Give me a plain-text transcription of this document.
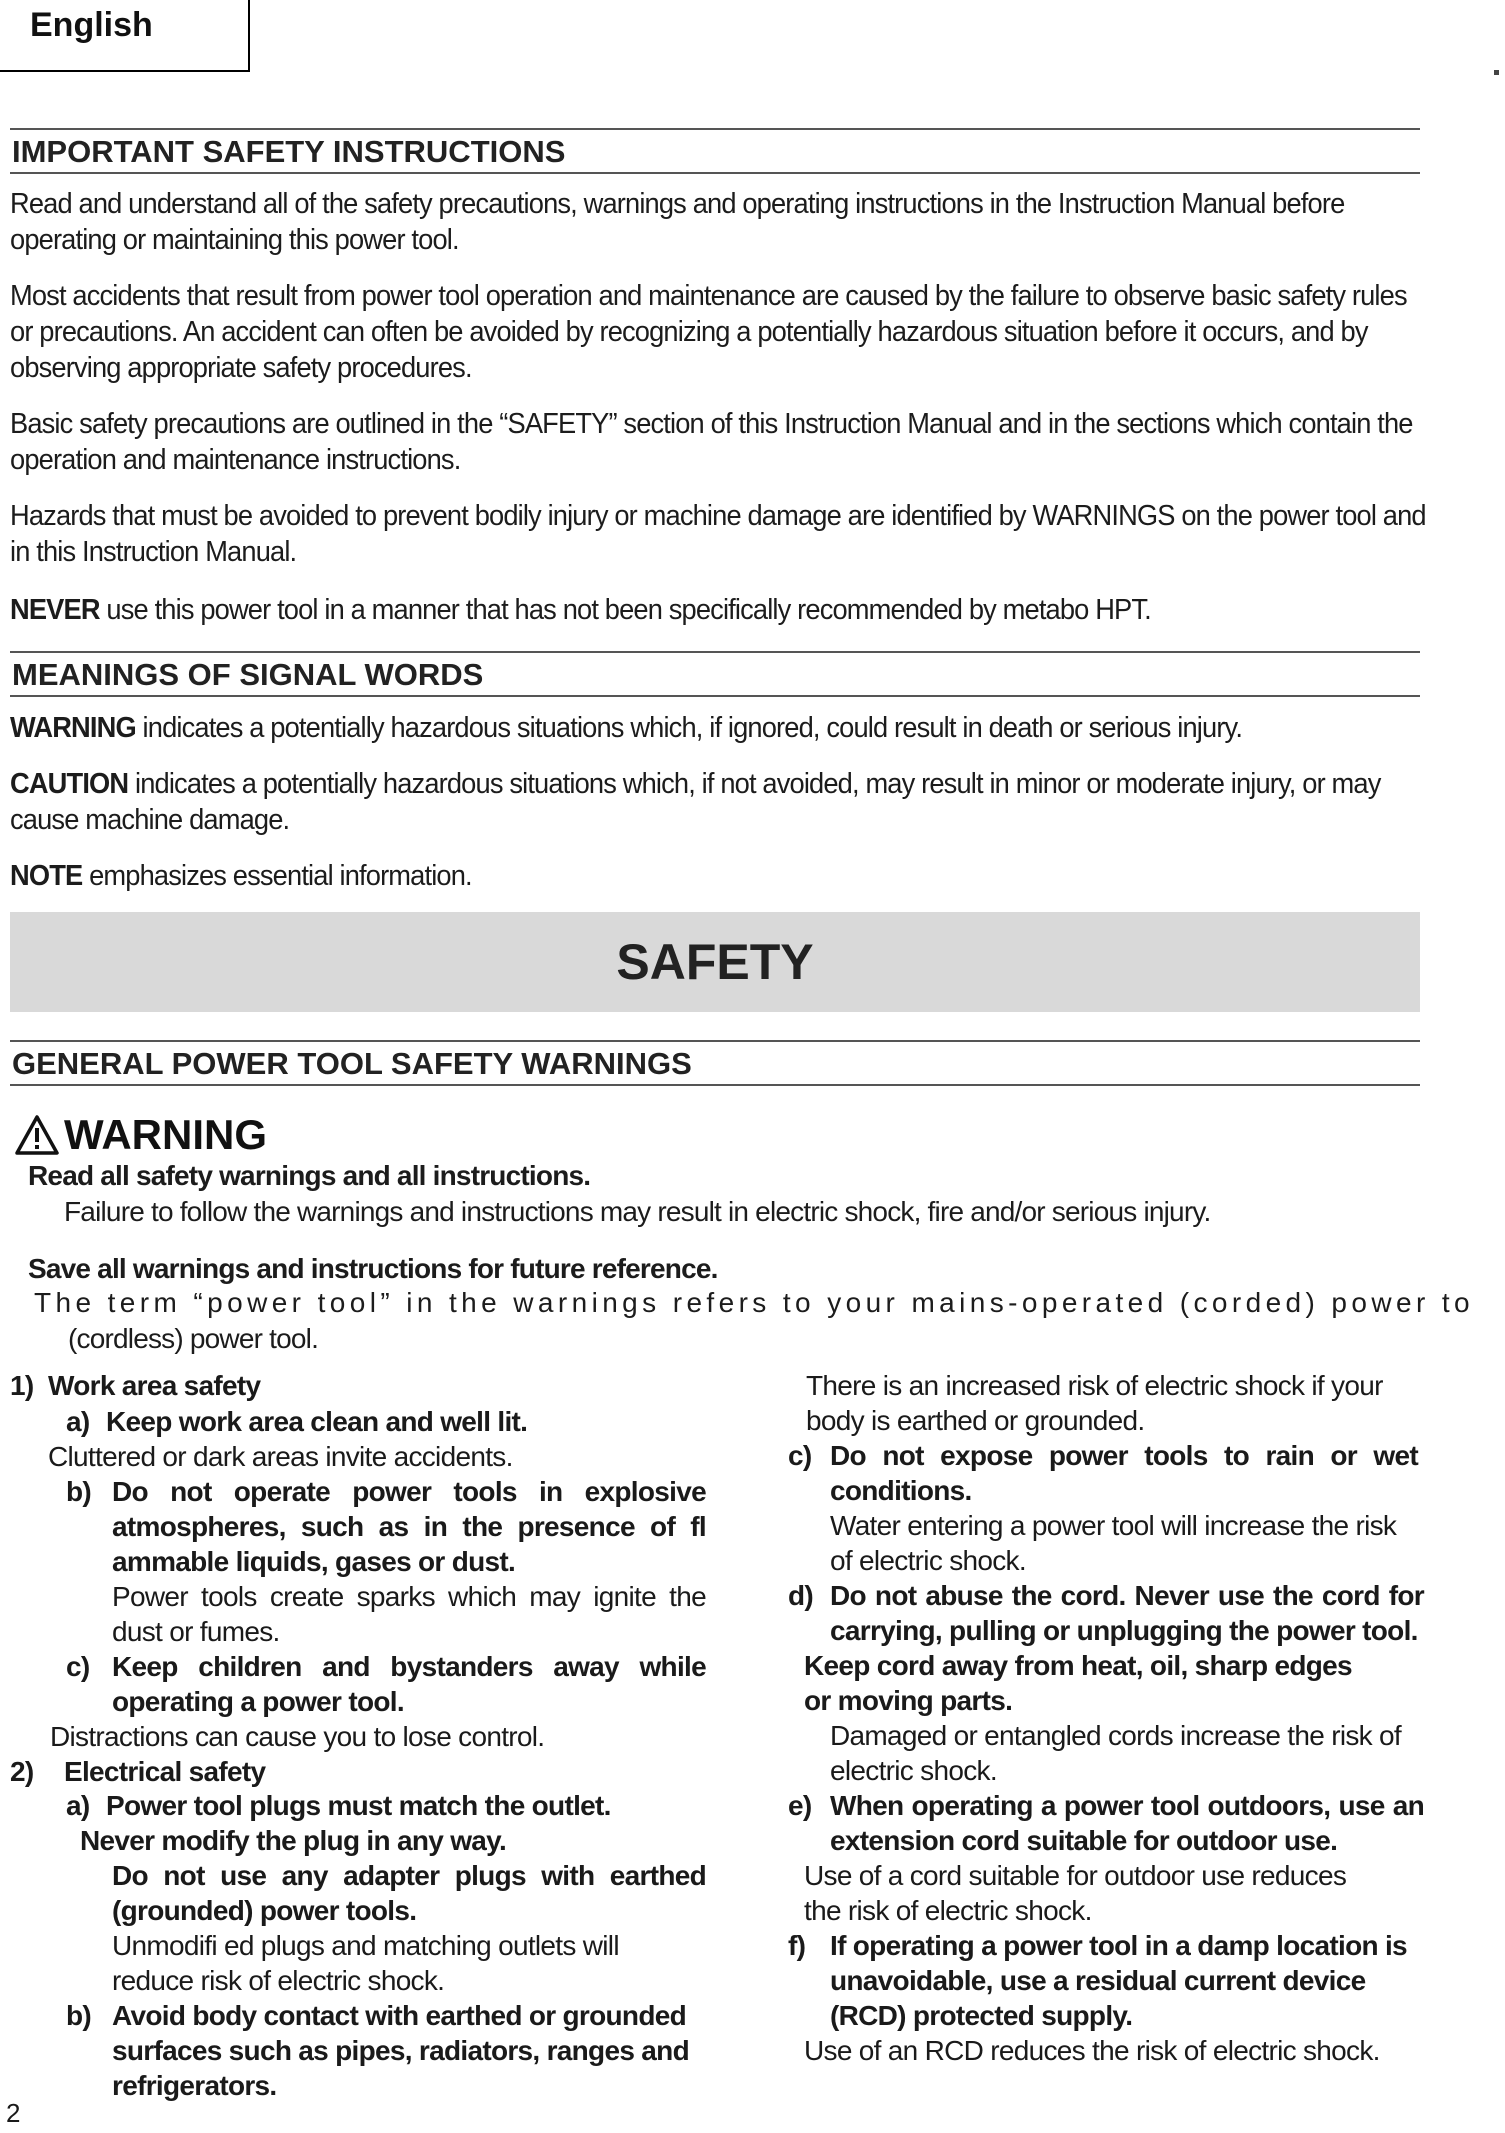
English
IMPORTANT SAFETY INSTRUCTIONS
Read and understand all of the safety precautions, warnings and operating instructions in the Instruction Manual before operating or maintaining this power tool.
Most accidents that result from power tool operation and maintenance are caused by the failure to observe basic safety rules or precautions. An accident can often be avoided by recognizing a potentially hazardous situation before it occurs, and by observing appropriate safety procedures.
Basic safety precautions are outlined in the “SAFETY” section of this Instruction Manual and in the sections which contain the operation and maintenance instructions.
Hazards that must be avoided to prevent bodily injury or machine damage are identified by WARNINGS on the power tool and in this Instruction Manual.
NEVER use this power tool in a manner that has not been specifically recommended by metabo HPT.
MEANINGS OF SIGNAL WORDS
WARNING indicates a potentially hazardous situations which, if ignored, could result in death or serious injury.
CAUTION indicates a potentially hazardous situations which, if not avoided, may result in minor or moderate injury, or may cause machine damage.
NOTE emphasizes essential information.
SAFETY
GENERAL POWER TOOL SAFETY WARNINGS
WARNING
Read all safety warnings and all instructions.
Failure to follow the warnings and instructions may result in electric shock, fire and/or serious injury.
Save all warnings and instructions for future reference.
The term “power tool” in the warnings refers to your mains-operated (corded) power to
(cordless) power tool.
1) Work area safety
a) Keep work area clean and well lit.
Cluttered or dark areas invite accidents.
b) Do not operate power tools in explosive atmospheres, such as in the presence of fl ammable liquids, gases or dust.
Power tools create sparks which may ignite the dust or fumes.
c) Keep children and bystanders away while operating a power tool.
Distractions can cause you to lose control.
2) Electrical safety
a) Power tool plugs must match the outlet.
Never modify the plug in any way.
Do not use any adapter plugs with earthed (grounded) power tools.
Unmodifi ed plugs and matching outlets will reduce risk of electric shock.
b) Avoid body contact with earthed or grounded surfaces such as pipes, radiators, ranges and refrigerators.
There is an increased risk of electric shock if your body is earthed or grounded.
c) Do not expose power tools to rain or wet conditions.
Water entering a power tool will increase the risk of electric shock.
d) Do not abuse the cord. Never use the cord for carrying, pulling or unplugging the power tool.
Keep cord away from heat, oil, sharp edges or moving parts.
Damaged or entangled cords increase the risk of electric shock.
e) When operating a power tool outdoors, use an extension cord suitable for outdoor use.
Use of a cord suitable for outdoor use reduces the risk of electric shock.
f) If operating a power tool in a damp location is unavoidable, use a residual current device (RCD) protected supply.
Use of an RCD reduces the risk of electric shock.
2
